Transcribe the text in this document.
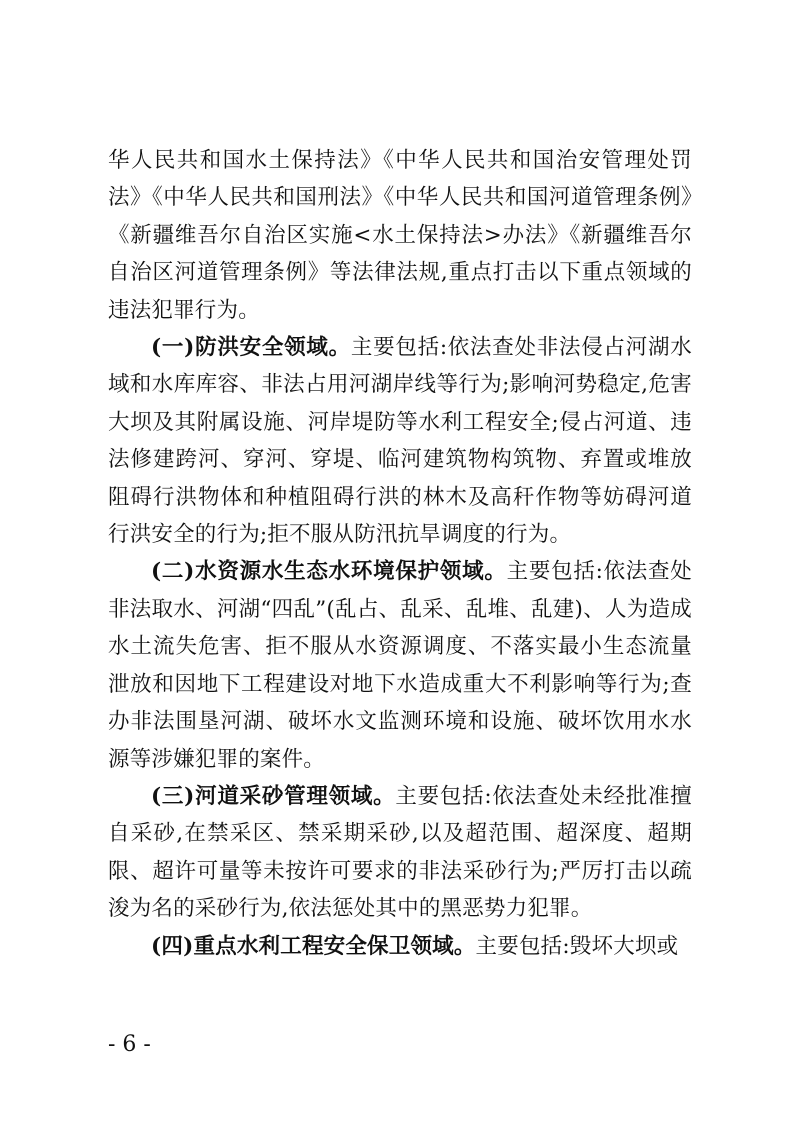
华人民共和国水土保持法》《中华人民共和国治安管理处罚法》《中华人民共和国刑法》《中华人民共和国河道管理条例》《新疆维吾尔自治区实施<水土保持法>办法》《新疆维吾尔自治区河道管理条例》等法律法规,重点打击以下重点领域的违法犯罪行为。

(一)防洪安全领域。主要包括:依法查处非法侵占河湖水域和水库库容、非法占用河湖岸线等行为;影响河势稳定,危害大坝及其附属设施、河岸堤防等水利工程安全;侵占河道、违法修建跨河、穿河、穿堤、临河建筑物构筑物、弃置或堆放阻碍行洪物体和种植阻碍行洪的林木及高秆作物等妨碍河道行洪安全的行为;拒不服从防汛抗旱调度的行为。

(二)水资源水生态水环境保护领域。主要包括:依法查处非法取水、河湖“四乱”(乱占、乱采、乱堆、乱建)、人为造成水土流失危害、拒不服从水资源调度、不落实最小生态流量泄放和因地下工程建设对地下水造成重大不利影响等行为;查办非法围垦河湖、破坏水文监测环境和设施、破坏饮用水水源等涉嫌犯罪的案件。

(三)河道采砂管理领域。主要包括:依法查处未经批准擅自采砂,在禁采区、禁采期采砂,以及超范围、超深度、超期限、超许可量等未按许可要求的非法采砂行为;严厉打击以疏浚为名的采砂行为,依法惩处其中的黑恶势力犯罪。

(四)重点水利工程安全保卫领域。主要包括:毁坏大坝或

- 6 -
